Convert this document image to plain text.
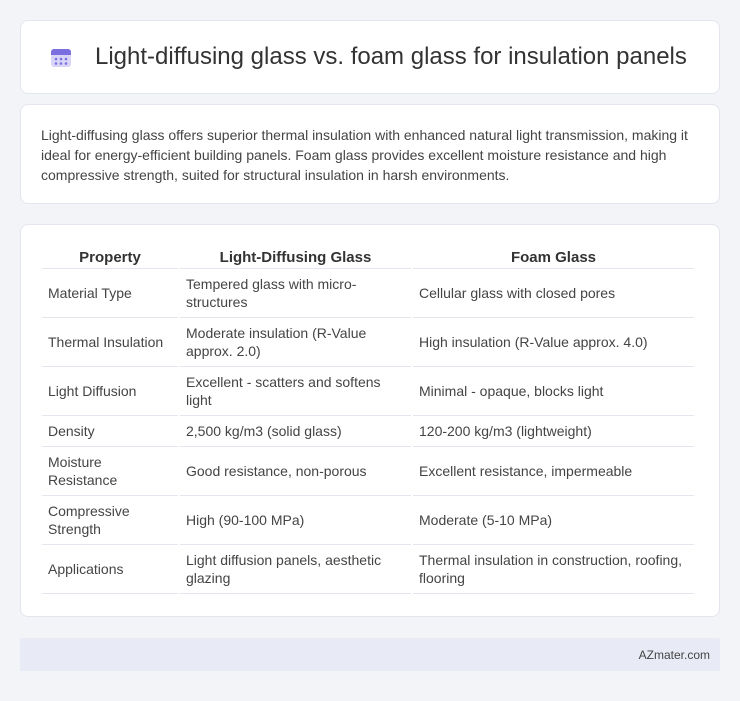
Light-diffusing glass vs. foam glass for insulation panels

Light-diffusing glass offers superior thermal insulation with enhanced natural light transmission, making it ideal for energy-efficient building panels. Foam glass provides excellent moisture resistance and high compressive strength, suited for structural insulation in harsh environments.

Property	Light-Diffusing Glass	Foam Glass
Material Type	Tempered glass with micro-structures	Cellular glass with closed pores
Thermal Insulation	Moderate insulation (R-Value approx. 2.0)	High insulation (R-Value approx. 4.0)
Light Diffusion	Excellent - scatters and softens light	Minimal - opaque, blocks light
Density	2,500 kg/m3 (solid glass)	120-200 kg/m3 (lightweight)
Moisture Resistance	Good resistance, non-porous	Excellent resistance, impermeable
Compressive Strength	High (90-100 MPa)	Moderate (5-10 MPa)
Applications	Light diffusion panels, aesthetic glazing	Thermal insulation in construction, roofing, flooring
AZmater.com
